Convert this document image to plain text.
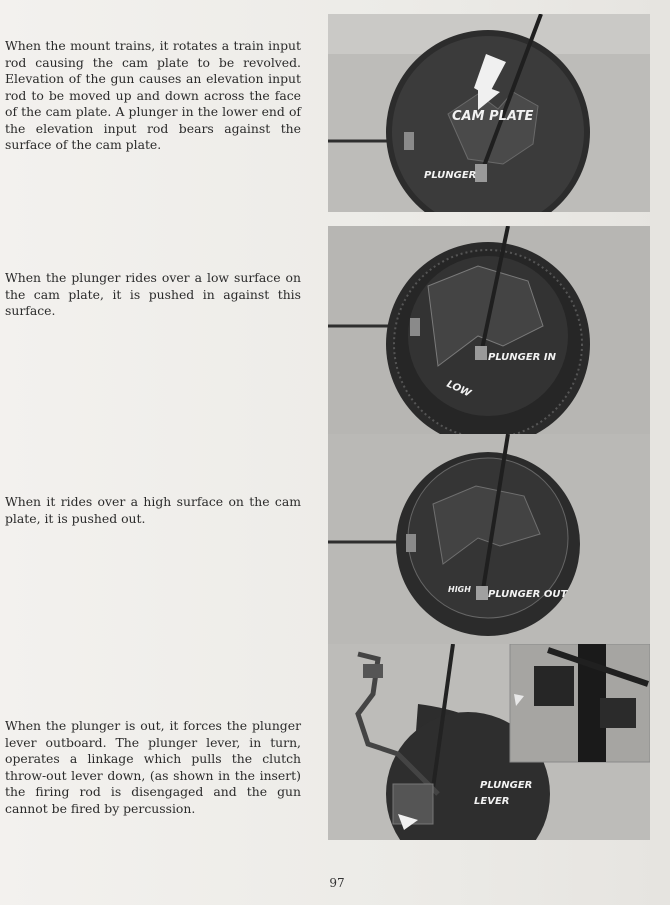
When the mount trains, it rotates a train input rod causing the cam plate to be revolved. Elevation of the gun causes an elevation input rod to be moved up and down across the face of the cam plate. A plunger in the lower end of the elevation input rod bears against the surface of the cam plate.

When the plunger rides over a low surface on the cam plate, it is pushed in against this surface.

When it rides over a high surface on the cam plate, it is pushed out.

When the plunger is out, it forces the plunger lever outboard. The plunger lever, in turn, operates a linkage which pulls the clutch throw-out lever down, (as shown in the insert) the firing rod is disengaged and the gun cannot be fired by percussion.

CAM PLATE
PLUNGER
LOW
PLUNGER IN
HIGH PLUNGER OUT
PLUNGER
LEVER
97
